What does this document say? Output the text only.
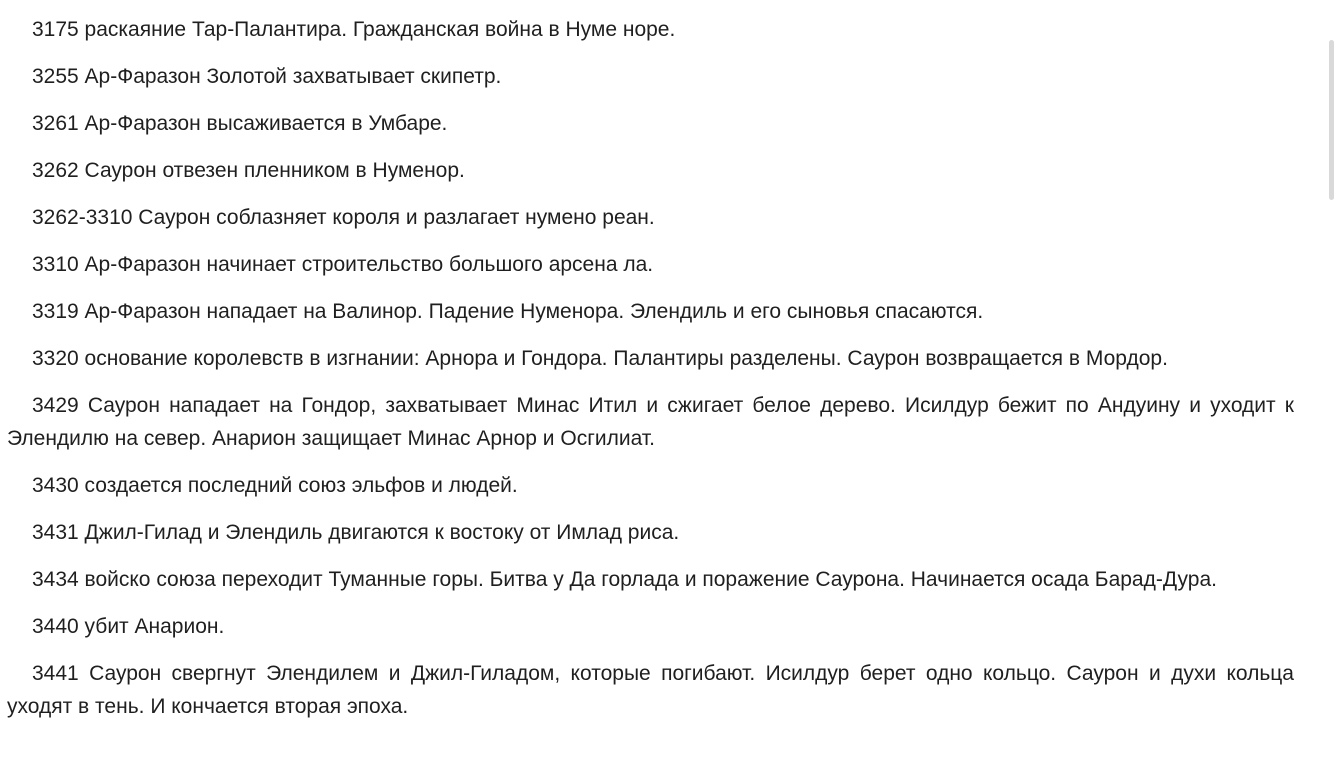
3175 раскаяние Тар-Палантира. Гражданская война в Нуме норе.

3255 Ар-Фаразон Золотой захватывает скипетр.

3261 Ар-Фаразон высаживается в Умбаре.

3262 Саурон отвезен пленником в Нуменор.

3262-3310 Саурон соблазняет короля и разлагает нумено реан.

3310 Ар-Фаразон начинает строительство большого арсена ла.

3319 Ар-Фаразон нападает на Валинор. Падение Нуменора. Элендиль и его сыновья спасаются.

3320 основание королевств в изгнании: Арнора и Гондора. Палантиры разделены. Саурон возвращается в Мордор.

3429 Саурон нападает на Гондор, захватывает Минас Итил и сжигает белое дерево. Исилдур бежит по Андуину и уходит к Элендилю на север. Анарион защищает Минас Арнор и Осгилиат.

3430 создается последний союз эльфов и людей.

3431 Джил-Гилад и Элендиль двигаются к востоку от Имлад риса.

3434 войско союза переходит Туманные горы. Битва у Да горлада и поражение Саурона. Начинается осада Барад-Дура.

3440 убит Анарион.

3441 Саурон свергнут Элендилем и Джил-Гиладом, которые погибают. Исилдур берет одно кольцо. Саурон и духи кольца уходят в тень. И кончается вторая эпоха.
